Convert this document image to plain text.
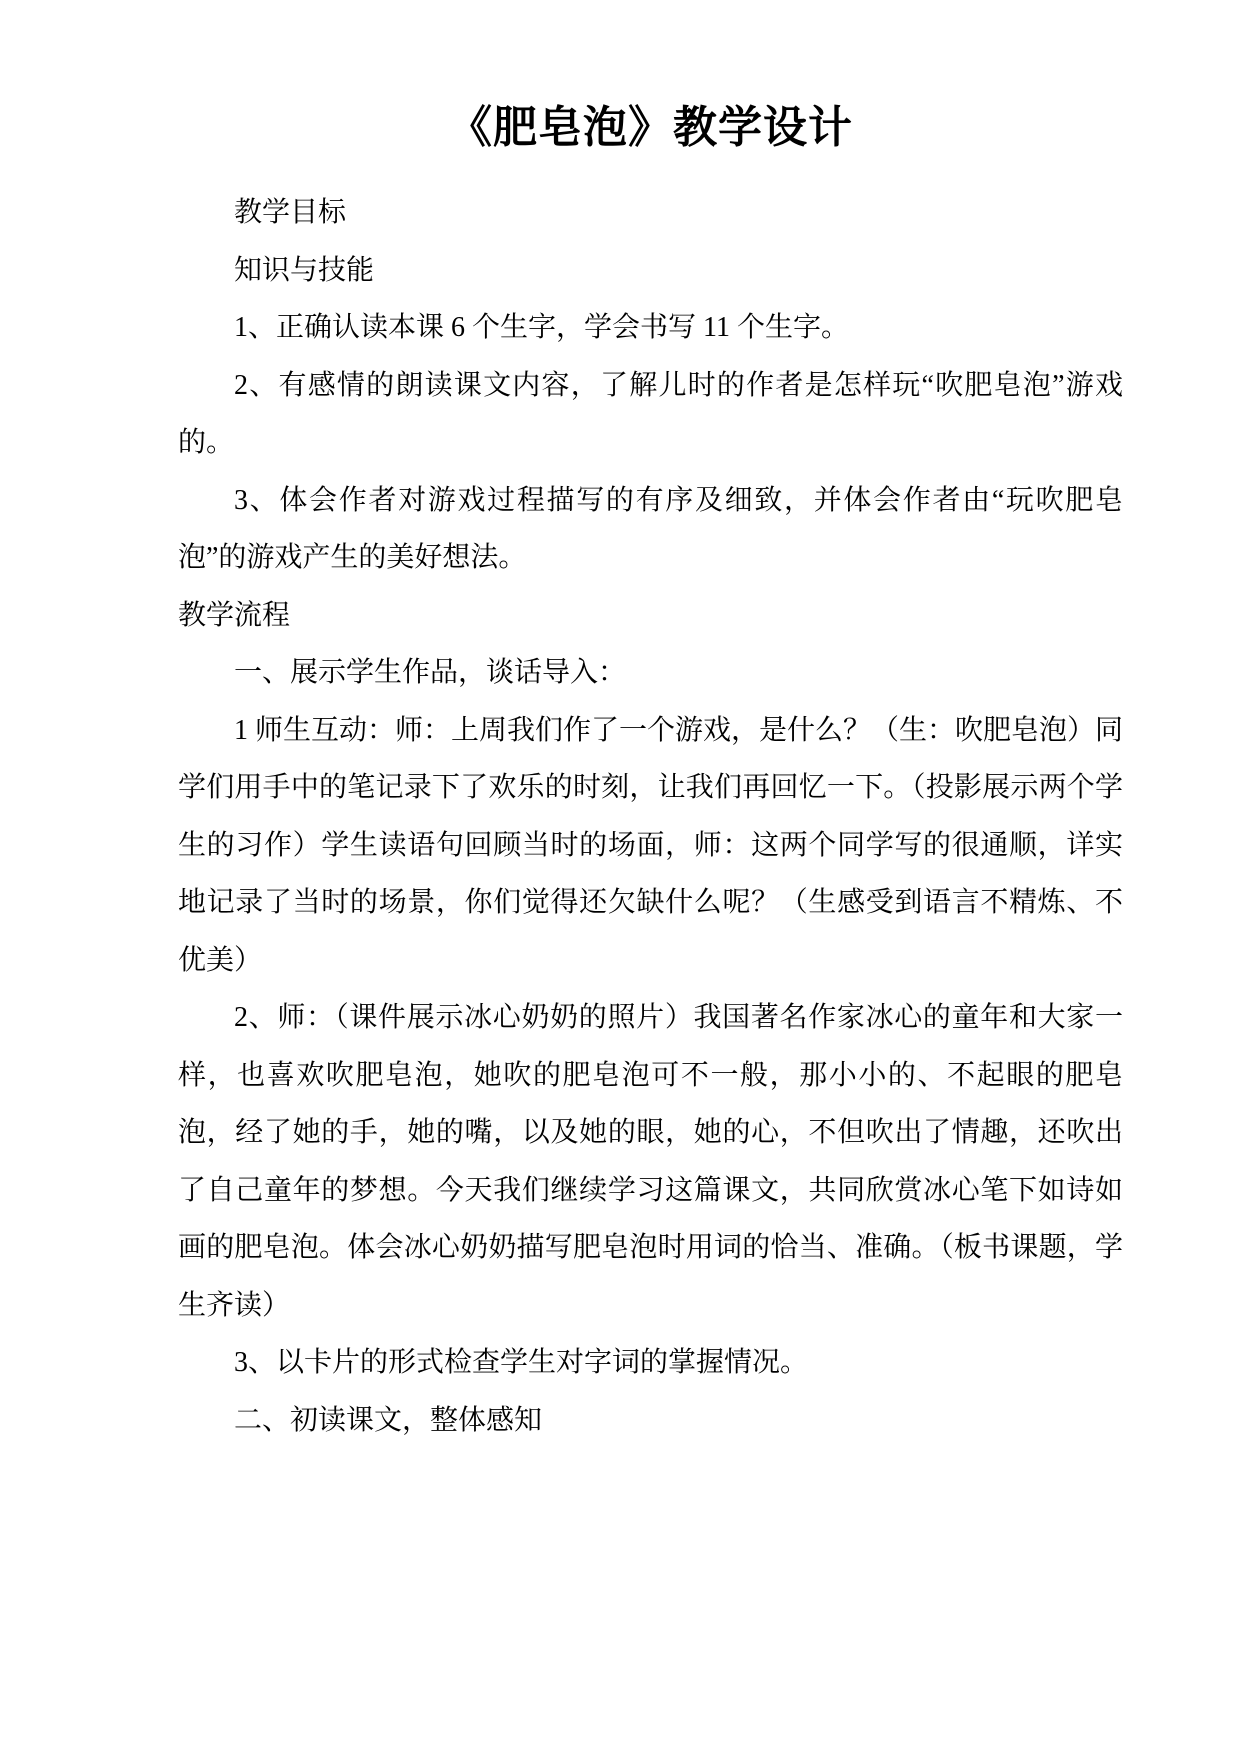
《肥皂泡》教学设计

教学目标

知识与技能

1、正确认读本课 6 个生字，学会书写 11 个生字。

2、有感情的朗读课文内容，了解儿时的作者是怎样玩“吹肥皂泡”游戏的。

3、体会作者对游戏过程描写的有序及细致，并体会作者由“玩吹肥皂泡”的游戏产生的美好想法。

教学流程

一、展示学生作品，谈话导入：

1 师生互动：师：上周我们作了一个游戏，是什么？（生：吹肥皂泡）同学们用手中的笔记录下了欢乐的时刻，让我们再回忆一下。（投影展示两个学生的习作）学生读语句回顾当时的场面，师：这两个同学写的很通顺，详实地记录了当时的场景，你们觉得还欠缺什么呢？（生感受到语言不精炼、不优美）

2、师：（课件展示冰心奶奶的照片）我国著名作家冰心的童年和大家一样，也喜欢吹肥皂泡，她吹的肥皂泡可不一般，那小小的、不起眼的肥皂泡，经了她的手，她的嘴，以及她的眼，她的心，不但吹出了情趣，还吹出了自己童年的梦想。今天我们继续学习这篇课文，共同欣赏冰心笔下如诗如画的肥皂泡。体会冰心奶奶描写肥皂泡时用词的恰当、准确。（板书课题，学生齐读）

3、以卡片的形式检查学生对字词的掌握情况。

二、初读课文，整体感知
